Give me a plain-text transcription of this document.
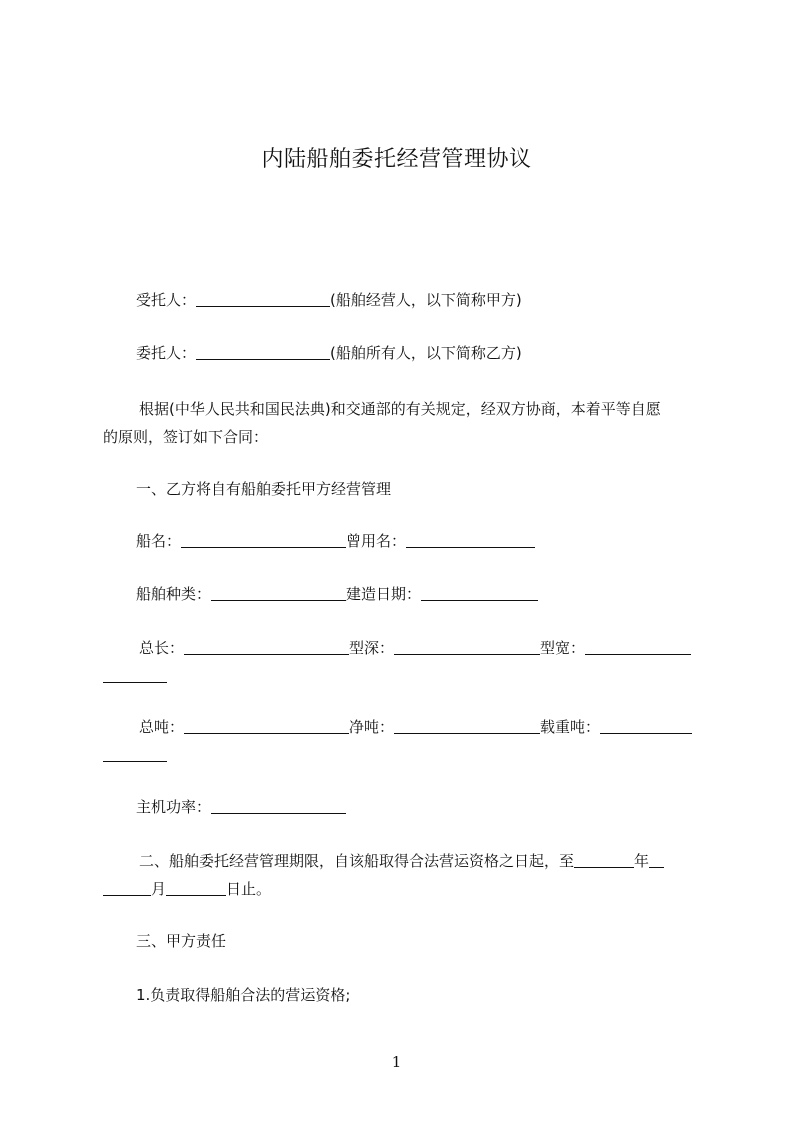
内陆船舶委托经营管理协议
受托人：	(船舶经营人，以下简称甲方)
委托人：	(船舶所有人，以下简称乙方)
根据(中华人民共和国民法典)和交通部的有关规定，经双方协商，本着平等自愿
的原则，签订如下合同：
一、乙方将自有船舶委托甲方经营管理
船名：	曾用名：
船舶种类：	建造日期：
总长：	型深：	型宽：
总吨：	净吨：	载重吨：
主机功率：
二、船舶委托经营管理期限，自该船取得合法营运资格之日起，至	年
月	日止。
三、甲方责任
1.负责取得船舶合法的营运资格;
1
